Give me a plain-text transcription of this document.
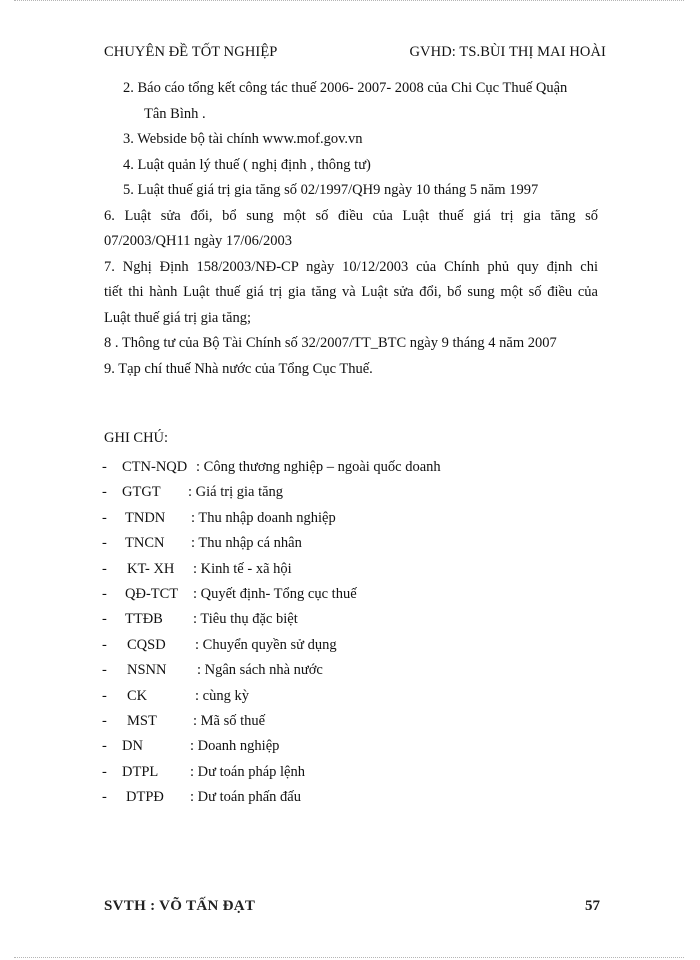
CHUYÊN ĐỀ TỐT NGHIỆP	GVHD: TS.BÙI THỊ MAI HOÀI
2. Báo cáo tổng kết công tác thuế 2006- 2007- 2008 của Chi Cục Thuế Quận
Tân Bình .
3. Webside bộ tài chính www.mof.gov.vn
4. Luật quản lý thuế ( nghị định , thông tư)
5. Luật thuế giá trị gia tăng số 02/1997/QH9 ngày 10 tháng 5 năm 1997
6. Luật sửa đổi, bổ sung một số điều của Luật thuế giá trị gia tăng số
07/2003/QH11 ngày 17/06/2003
7. Nghị Định 158/2003/NĐ-CP ngày 10/12/2003 của Chính phủ quy định chi
tiết thi hành Luật thuế giá trị gia tăng và Luật sửa đổi, bổ sung một số điều của
Luật thuế giá trị gia tăng;
8 . Thông tư của Bộ Tài Chính số 32/2007/TT_BTC ngày 9 tháng 4 năm 2007
9. Tạp chí thuế Nhà nước của Tổng Cục Thuế.
GHI CHÚ:
-	CTN-NQD : Công thương nghiệp – ngoài quốc doanh
-	GTGT	: Giá trị gia tăng
-	TNDN	: Thu nhập doanh nghiệp
-	TNCN	: Thu nhập cá nhân
-	KT- XH	: Kinh tế - xã hội
-	QĐ-TCT	: Quyết định- Tổng cục thuế
-	TTĐB	: Tiêu thụ đặc biệt
-	CQSD	: Chuyển quyền sử dụng
-	NSNN	: Ngân sách nhà nước
-	CK	: cùng kỳ
-	MST	: Mã số thuế
-	DN	: Doanh nghiệp
-	DTPL	: Dư toán pháp lệnh
-	DTPĐ	: Dư toán phấn đấu
SVTH : VÕ TẤN ĐẠT	57
